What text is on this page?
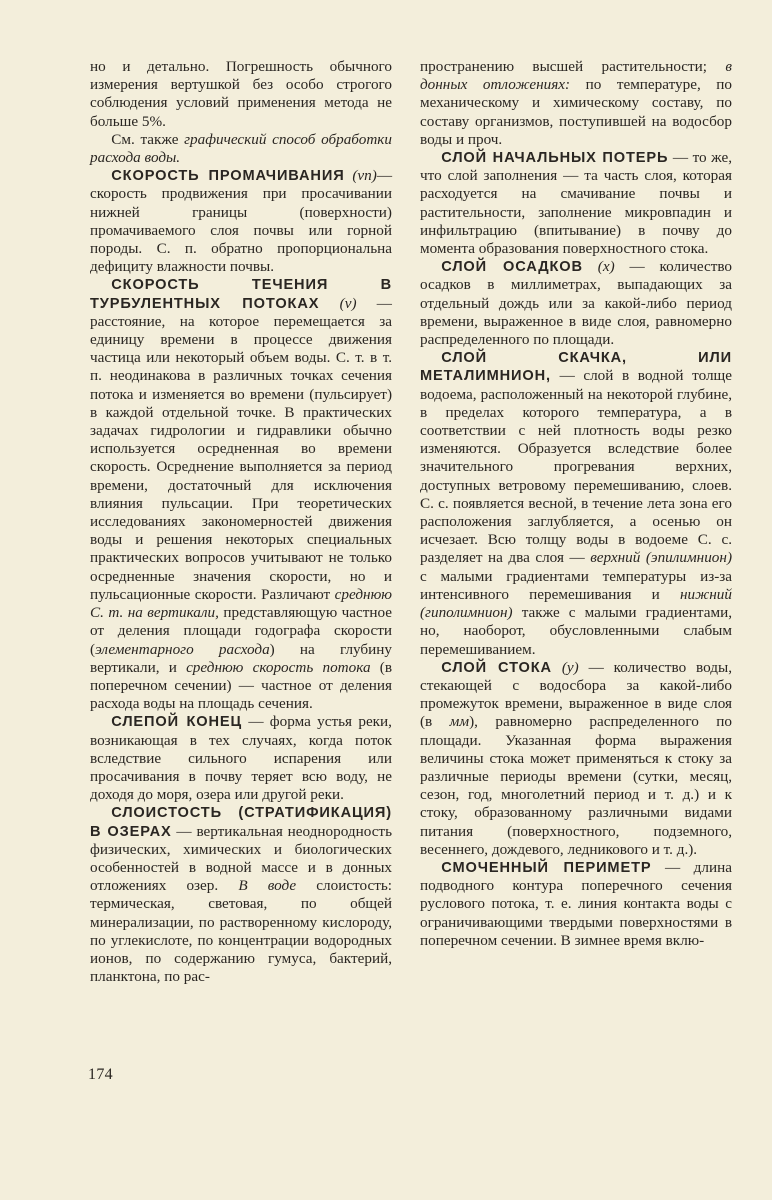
но и детально. Погрешность обычного измерения вертушкой без особо строгого соблюдения условий применения метода не больше 5%.

См. также графический способ обработки расхода воды.

СКОРОСТЬ ПРОМАЧИВАНИЯ (vп)— скорость продвижения при просачивании нижней границы (поверхности) промачиваемого слоя почвы или горной породы. С. п. обратно пропорциональна дефициту влажности почвы.

СКОРОСТЬ ТЕЧЕНИЯ В ТУРБУЛЕНТНЫХ ПОТОКАХ (v) — расстояние, на которое перемещается за единицу времени в процессе движения частица или некоторый объем воды. С. т. в т. п. неодинакова в различных точках сечения потока и изменяется во времени (пульсирует) в каждой отдельной точке. В практических задачах гидрологии и гидравлики обычно используется осредненная во времени скорость. Осреднение выполняется за период времени, достаточный для исключения влияния пульсации. При теоретических исследованиях закономерностей движения воды и решения некоторых специальных практических вопросов учитывают не только осредненные значения скорости, но и пульсационные скорости. Различают среднюю С. т. на вертикали, представляющую частное от деления площади годографа скорости (элементарного расхода) на глубину вертикали, и среднюю скорость потока (в поперечном сечении) — частное от деления расхода воды на площадь сечения.

СЛЕПОЙ КОНЕЦ — форма устья реки, возникающая в тех случаях, когда поток вследствие сильного испарения или просачивания в почву теряет всю воду, не доходя до моря, озера или другой реки.

СЛОИСТОСТЬ (СТРАТИФИКАЦИЯ) В ОЗЕРАХ — вертикальная неоднородность физических, химических и биологических особенностей в водной массе и в донных отложениях озер. В воде слоистость: термическая, световая, по общей минерализации, по растворенному кислороду, по углекислоте, по концентрации водородных ионов, по содержанию гумуса, бактерий, планктона, по рас-

пространению высшей растительности; в донных отложениях: по температуре, по механическому и химическому составу, по составу организмов, поступившей на водосбор воды и проч.

СЛОЙ НАЧАЛЬНЫХ ПОТЕРЬ — то же, что слой заполнения — та часть слоя, которая расходуется на смачивание почвы и растительности, заполнение микровпадин и инфильтрацию (впитывание) в почву до момента образования поверхностного стока.

СЛОЙ ОСАДКОВ (x) — количество осадков в миллиметрах, выпадающих за отдельный дождь или за какой-либо период времени, выраженное в виде слоя, равномерно распределенного по площади.

СЛОЙ СКАЧКА, ИЛИ МЕТАЛИМНИОН, — слой в водной толще водоема, расположенный на некоторой глубине, в пределах которого температура, а в соответствии с ней плотность воды резко изменяются. Образуется вследствие более значительного прогревания верхних, доступных ветровому перемешиванию, слоев. С. с. появляется весной, в течение лета зона его расположения заглубляется, а осенью он исчезает. Всю толщу воды в водоеме С. с. разделяет на два слоя — верхний (эпилимнион) с малыми градиентами температуры из-за интенсивного перемешивания и нижний (гиполимнион) также с малыми градиентами, но, наоборот, обусловленными слабым перемешиванием.

СЛОЙ СТОКА (y) — количество воды, стекающей с водосбора за какой-либо промежуток времени, выраженное в виде слоя (в мм), равномерно распределенного по площади. Указанная форма выражения величины стока может применяться к стоку за различные периоды времени (сутки, месяц, сезон, год, многолетний период и т. д.) и к стоку, образованному различными видами питания (поверхностного, подземного, весеннего, дождевого, ледникового и т. д.).

СМОЧЕННЫЙ ПЕРИМЕТР — длина подводного контура поперечного сечения руслового потока, т. е. линия контакта воды с ограничивающими твердыми поверхностями в поперечном сечении. В зимнее время вклю-

174
